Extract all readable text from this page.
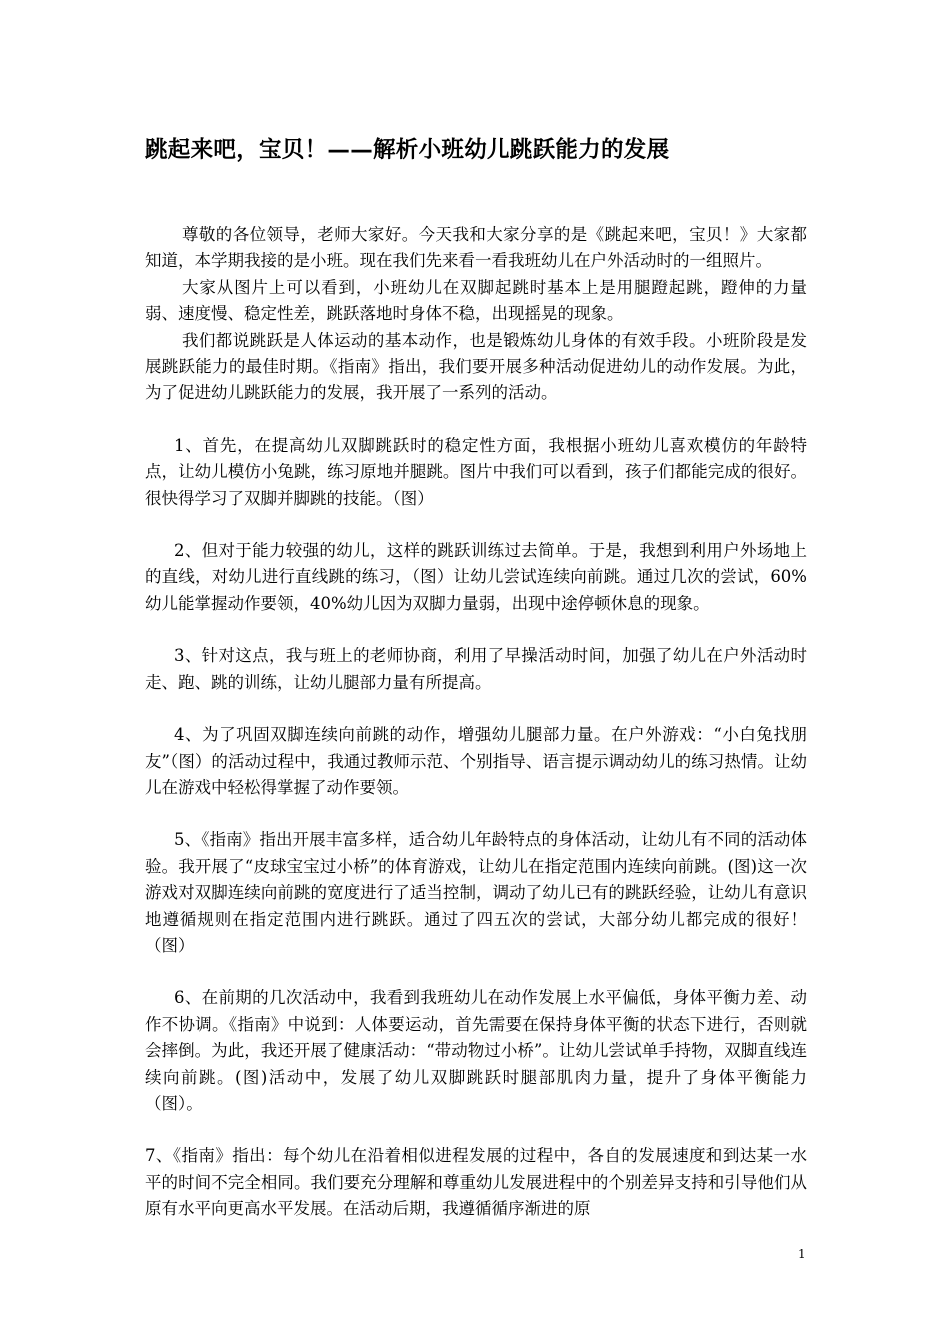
跳起来吧，宝贝！——解析小班幼儿跳跃能力的发展

尊敬的各位领导，老师大家好。今天我和大家分享的是《跳起来吧，宝贝！》大家都知道，本学期我接的是小班。现在我们先来看一看我班幼儿在户外活动时的一组照片。

大家从图片上可以看到，小班幼儿在双脚起跳时基本上是用腿蹬起跳，蹬伸的力量弱、速度慢、稳定性差，跳跃落地时身体不稳，出现摇晃的现象。

我们都说跳跃是人体运动的基本动作，也是锻炼幼儿身体的有效手段。小班阶段是发展跳跃能力的最佳时期。《指南》指出，我们要开展多种活动促进幼儿的动作发展。为此，为了促进幼儿跳跃能力的发展，我开展了一系列的活动。

1、首先，在提高幼儿双脚跳跃时的稳定性方面，我根据小班幼儿喜欢模仿的年龄特点，让幼儿模仿小兔跳，练习原地并腿跳。图片中我们可以看到，孩子们都能完成的很好。很快得学习了双脚并脚跳的技能。（图）

2、但对于能力较强的幼儿，这样的跳跃训练过去简单。于是，我想到利用户外场地上的直线，对幼儿进行直线跳的练习，（图）让幼儿尝试连续向前跳。通过几次的尝试，60%幼儿能掌握动作要领，40%幼儿因为双脚力量弱，出现中途停顿休息的现象。

3、针对这点，我与班上的老师协商，利用了早操活动时间，加强了幼儿在户外活动时走、跑、跳的训练，让幼儿腿部力量有所提高。

4、为了巩固双脚连续向前跳的动作，增强幼儿腿部力量。在户外游戏：“小白兔找朋友”（图）的活动过程中，我通过教师示范、个别指导、语言提示调动幼儿的练习热情。让幼儿在游戏中轻松得掌握了动作要领。

5、《指南》指出开展丰富多样，适合幼儿年龄特点的身体活动，让幼儿有不同的活动体验。我开展了“皮球宝宝过小桥”的体育游戏，让幼儿在指定范围内连续向前跳。(图)这一次游戏对双脚连续向前跳的宽度进行了适当控制，调动了幼儿已有的跳跃经验，让幼儿有意识地遵循规则在指定范围内进行跳跃。通过了四五次的尝试，大部分幼儿都完成的很好！（图）

6、在前期的几次活动中，我看到我班幼儿在动作发展上水平偏低，身体平衡力差、动作不协调。《指南》中说到：人体要运动，首先需要在保持身体平衡的状态下进行，否则就会摔倒。为此，我还开展了健康活动：“带动物过小桥”。让幼儿尝试单手持物，双脚直线连续向前跳。(图)活动中，发展了幼儿双脚跳跃时腿部肌肉力量，提升了身体平衡能力（图）。

7、《指南》指出：每个幼儿在沿着相似进程发展的过程中，各自的发展速度和到达某一水平的时间不完全相同。我们要充分理解和尊重幼儿发展进程中的个别差异支持和引导他们从原有水平向更高水平发展。在活动后期，我遵循循序渐进的原

1
